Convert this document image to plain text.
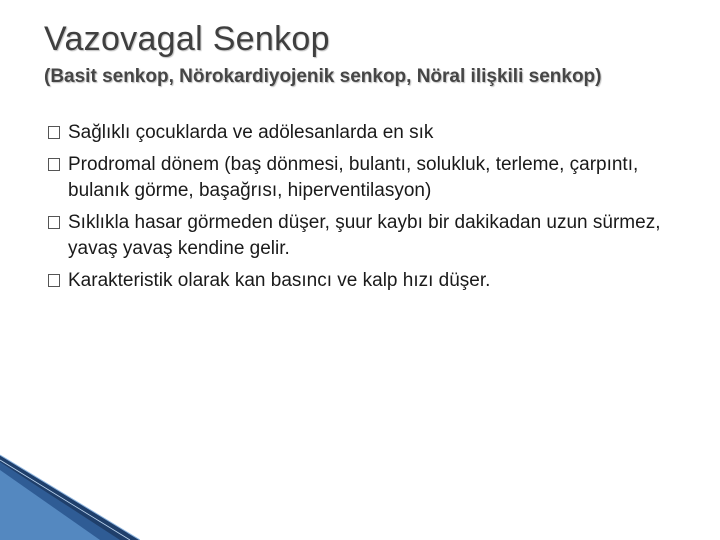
Vazovagal Senkop
(Basit senkop, Nörokardiyojenik senkop, Nöral ilişkili senkop)
Sağlıklı çocuklarda ve adölesanlarda en sık
Prodromal dönem (baş dönmesi, bulantı, solukluk, terleme, çarpıntı, bulanık görme, başağrısı, hiperventilasyon)
Sıklıkla hasar görmeden düşer, şuur kaybı bir dakikadan uzun sürmez, yavaş yavaş kendine gelir.
Karakteristik olarak kan basıncı ve kalp hızı düşer.
